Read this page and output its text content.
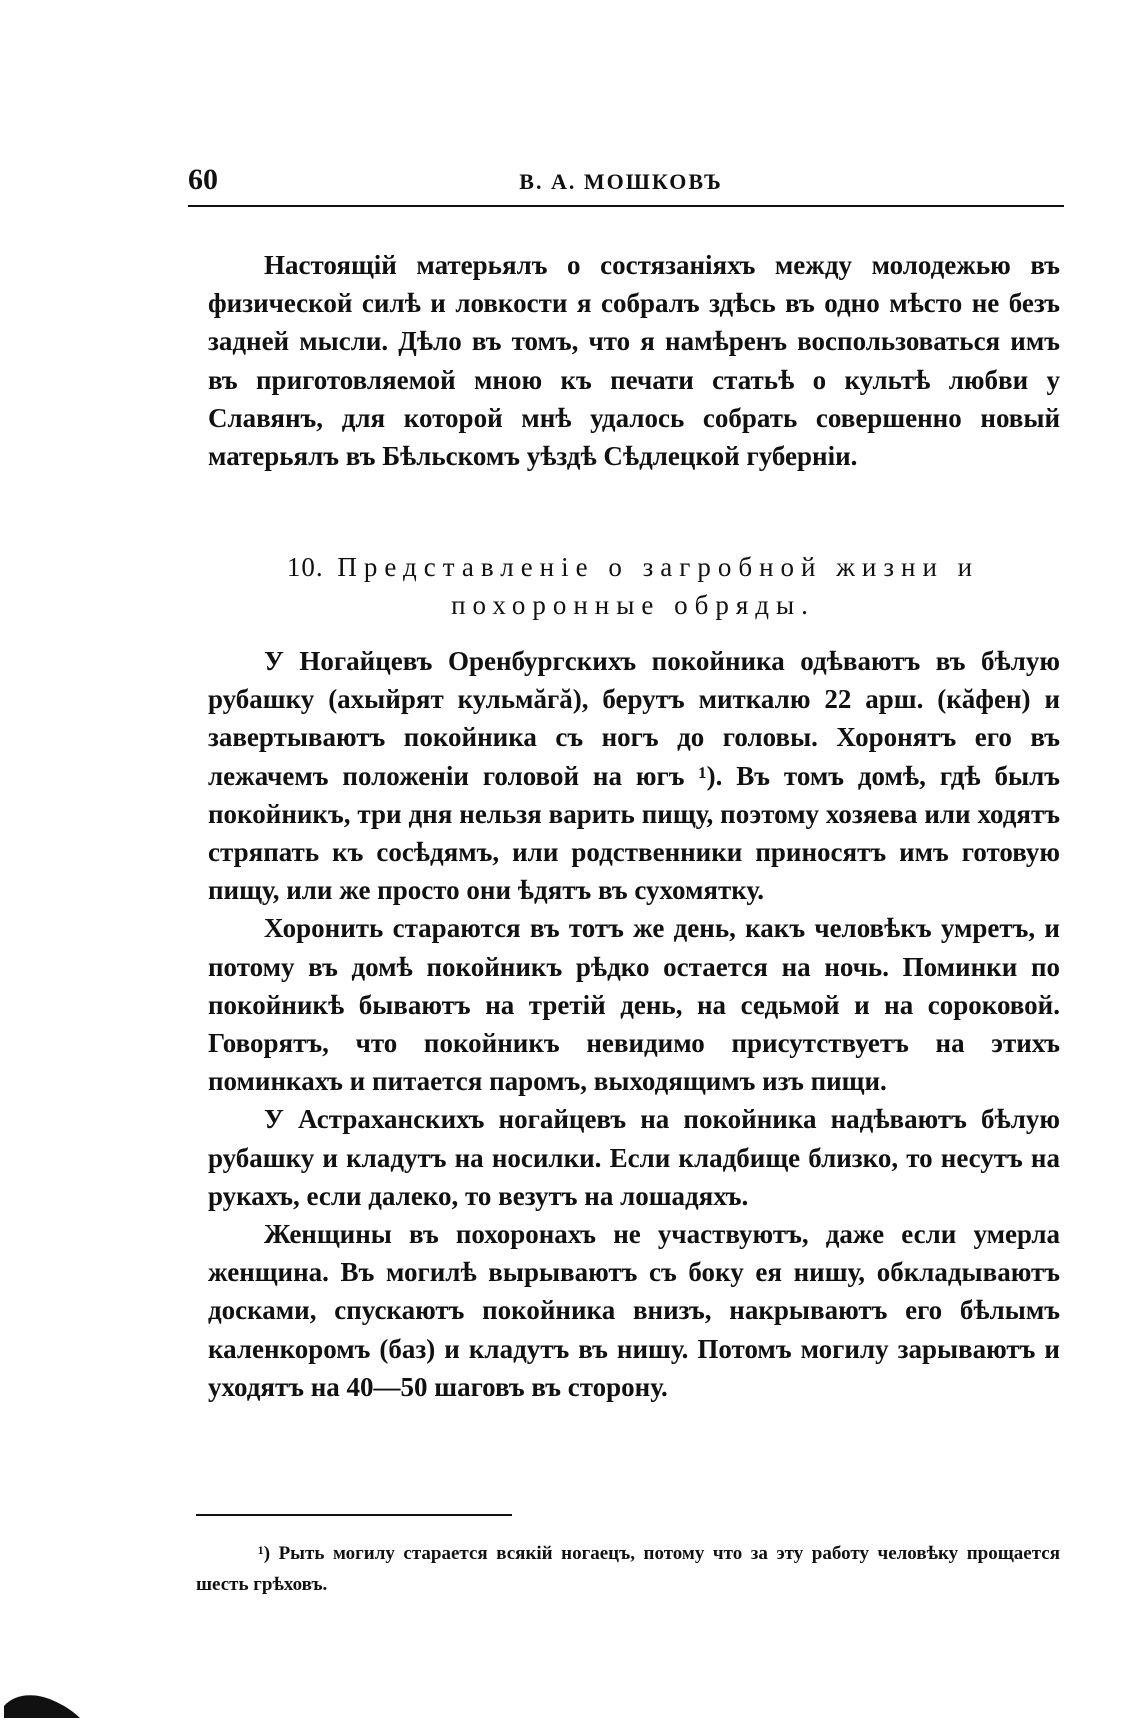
60	В. А. МОШКОВЪ

Настоящій матерьялъ о состязаніяхъ между молодежью въ физической силѣ и ловкости я собралъ здѣсь въ одно мѣсто не безъ задней мысли. Дѣло въ томъ, что я намѣренъ воспользоваться имъ въ приготовляемой мною къ печати статьѣ о культѣ любви у Славянъ, для которой мнѣ удалось собрать совершенно новый матерьялъ въ Бѣльскомъ уѣздѣ Сѣдлецкой губерніи.

10. Представленіе о загробной жизни и похоронные обряды.

У Ногайцевъ Оренбургскихъ покойника одѣваютъ въ бѣлую рубашку (ахыйрят кульмăгă), берутъ миткалю 22 арш. (кăфен) и завертываютъ покойника съ ногъ до головы. Хоронятъ его въ лежачемъ положеніи головой на югъ ¹). Въ томъ домѣ, гдѣ былъ покойникъ, три дня нельзя варить пищу, поэтому хозяева или ходятъ стряпать къ сосѣдямъ, или родственники приносятъ имъ готовую пищу, или же просто они ѣдятъ въ сухомятку.

Хоронить стараются въ тотъ же день, какъ человѣкъ умретъ, и потому въ домѣ покойникъ рѣдко остается на ночь. Поминки по покойникѣ бываютъ на третій день, на седьмой и на сороковой. Говорятъ, что покойникъ невидимо присутствуетъ на этихъ поминкахъ и питается паромъ, выходящимъ изъ пищи.

У Астраханскихъ ногайцевъ на покойника надѣваютъ бѣлую рубашку и кладутъ на носилки. Если кладбище близко, то несутъ на рукахъ, если далеко, то везутъ на лошадяхъ.

Женщины въ похоронахъ не участвуютъ, даже если умерла женщина. Въ могилѣ вырываютъ съ боку ея нишу, обкладываютъ досками, спускаютъ покойника внизъ, накрываютъ его бѣлымъ каленкоромъ (баз) и кладутъ въ нишу. Потомъ могилу зарываютъ и уходятъ на 40—50 шаговъ въ сторону.

¹) Рыть могилу старается всякій ногаецъ, потому что за эту работу человѣку прощается шесть грѣховъ.
